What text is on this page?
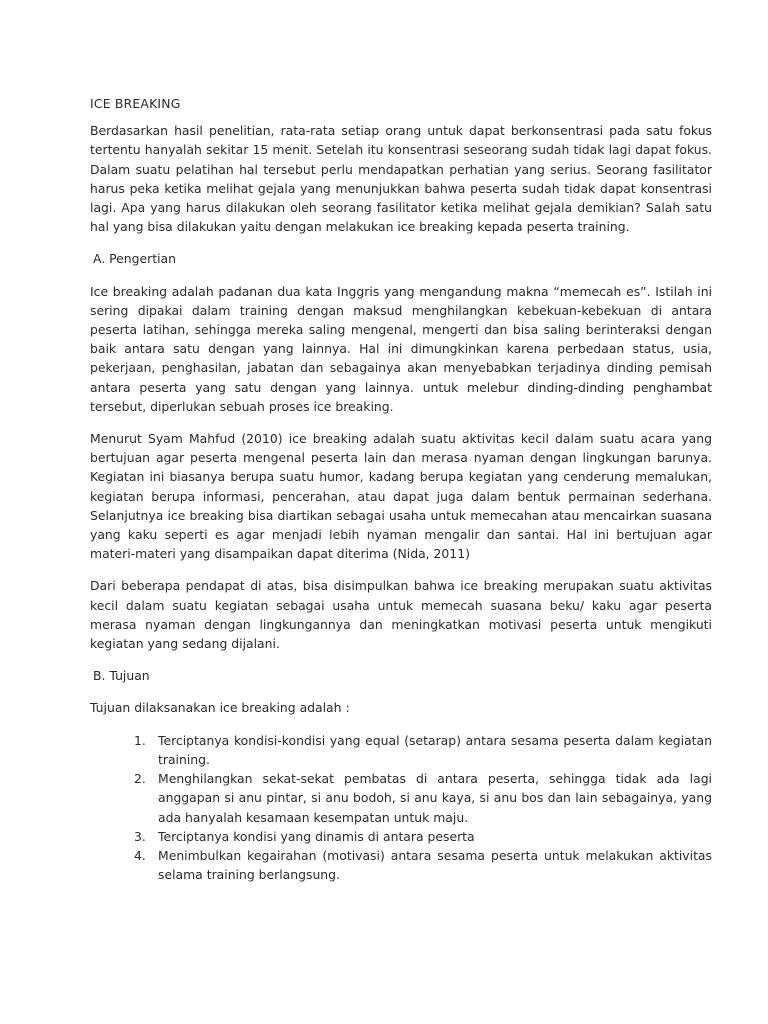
ICE BREAKING

Berdasarkan hasil penelitian, rata-rata setiap orang untuk dapat berkonsentrasi pada satu fokus tertentu hanyalah sekitar 15 menit. Setelah itu konsentrasi seseorang sudah tidak lagi dapat fokus. Dalam suatu pelatihan hal tersebut perlu mendapatkan perhatian yang serius. Seorang fasilitator harus peka ketika melihat gejala yang menunjukkan bahwa peserta sudah tidak dapat konsentrasi lagi. Apa yang harus dilakukan oleh seorang fasilitator ketika melihat gejala demikian? Salah satu hal yang bisa dilakukan yaitu dengan melakukan ice breaking kepada peserta training.

A. Pengertian

Ice breaking adalah padanan dua kata Inggris yang mengandung makna “memecah es”. Istilah ini sering dipakai dalam training dengan maksud menghilangkan kebekuan-kebekuan di antara peserta latihan, sehingga mereka saling mengenal, mengerti dan bisa saling berinteraksi dengan baik antara satu dengan yang lainnya. Hal ini dimungkinkan karena perbedaan status, usia, pekerjaan, penghasilan, jabatan dan sebagainya akan menyebabkan terjadinya dinding pemisah antara peserta yang satu dengan yang lainnya. untuk melebur dinding-dinding penghambat tersebut, diperlukan sebuah proses ice breaking.

Menurut Syam Mahfud (2010) ice breaking adalah suatu aktivitas kecil dalam suatu acara yang bertujuan agar peserta mengenal peserta lain dan merasa nyaman dengan lingkungan barunya. Kegiatan ini biasanya berupa suatu humor, kadang berupa kegiatan yang cenderung memalukan, kegiatan berupa informasi, pencerahan, atau dapat juga dalam bentuk permainan sederhana. Selanjutnya ice breaking bisa diartikan sebagai usaha untuk memecahan atau mencairkan suasana yang kaku seperti es agar menjadi lebih nyaman mengalir dan santai. Hal ini bertujuan agar materi-materi yang disampaikan dapat diterima (Nida, 2011)

Dari beberapa pendapat di atas, bisa disimpulkan bahwa ice breaking merupakan suatu aktivitas kecil dalam suatu kegiatan sebagai usaha untuk memecah suasana beku/ kaku agar peserta merasa nyaman dengan lingkungannya dan meningkatkan motivasi peserta untuk mengikuti kegiatan yang sedang dijalani.

B. Tujuan

Tujuan dilaksanakan ice breaking adalah :

1. Terciptanya kondisi-kondisi yang equal (setarap) antara sesama peserta dalam kegiatan training.
2. Menghilangkan sekat-sekat pembatas di antara peserta, sehingga tidak ada lagi anggapan si anu pintar, si anu bodoh, si anu kaya, si anu bos dan lain sebagainya, yang ada hanyalah kesamaan kesempatan untuk maju.
3. Terciptanya kondisi yang dinamis di antara peserta
4. Menimbulkan kegairahan (motivasi) antara sesama peserta untuk melakukan aktivitas selama training berlangsung.
